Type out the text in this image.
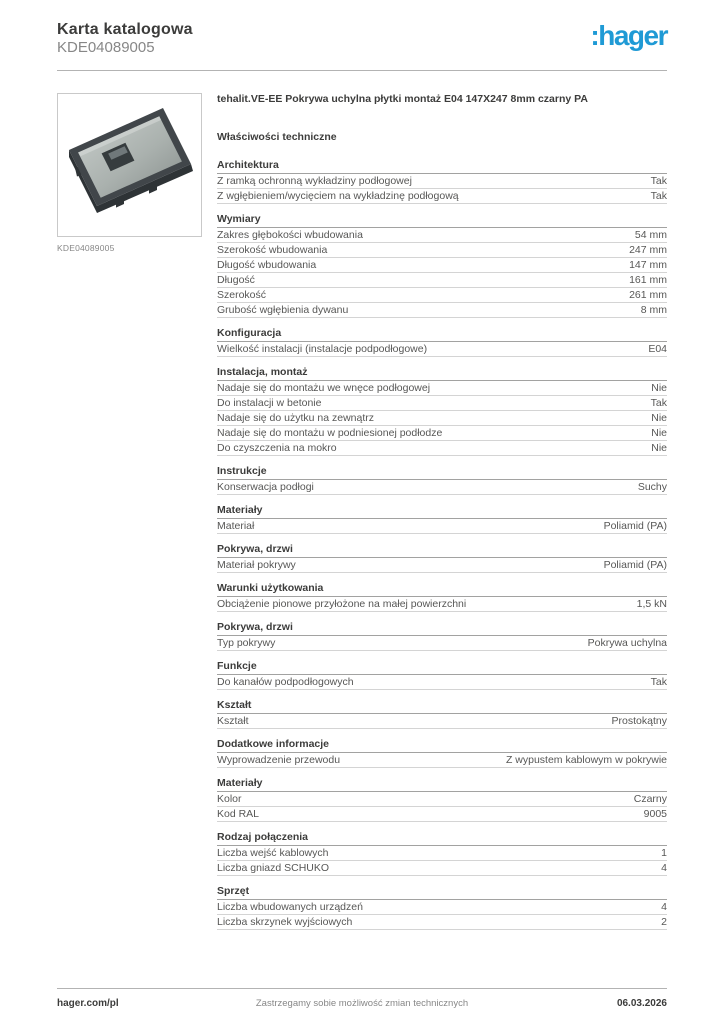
Karta katalogowa
KDE04089005	:hager
KDE04089005
tehalit.VE-EE Pokrywa uchylna płytki montaż E04 147X247 8mm czarny PA
Właściwości techniczne
Architektura
Z ramką ochronną wykładziny podłogowej	Tak
Z wgłębieniem/wycięciem na wykładzinę podłogową	Tak
Wymiary
Zakres głębokości wbudowania	54 mm
Szerokość wbudowania	247 mm
Długość wbudowania	147 mm
Długość	161 mm
Szerokość	261 mm
Grubość wgłębienia dywanu	8 mm
Konfiguracja
Wielkość instalacji (instalacje podpodłogowe)	E04
Instalacja, montaż
Nadaje się do montażu we wnęce podłogowej	Nie
Do instalacji w betonie	Tak
Nadaje się do użytku na zewnątrz	Nie
Nadaje się do montażu w podniesionej podłodze	Nie
Do czyszczenia na mokro	Nie
Instrukcje
Konserwacja podłogi	Suchy
Materiały
Materiał	Poliamid (PA)
Pokrywa, drzwi
Materiał pokrywy	Poliamid (PA)
Warunki użytkowania
Obciążenie pionowe przyłożone na małej powierzchni	1,5 kN
Pokrywa, drzwi
Typ pokrywy	Pokrywa uchylna
Funkcje
Do kanałów podpodłogowych	Tak
Kształt
Kształt	Prostokątny
Dodatkowe informacje
Wyprowadzenie przewodu	Z wypustem kablowym w pokrywie
Materiały
Kolor	Czarny
Kod RAL	9005
Rodzaj połączenia
Liczba wejść kablowych	1
Liczba gniazd SCHUKO	4
Sprzęt
Liczba wbudowanych urządzeń	4
Liczba skrzynek wyjściowych	2
hager.com/pl	Zastrzegamy sobie możliwość zmian technicznych	06.03.2026
